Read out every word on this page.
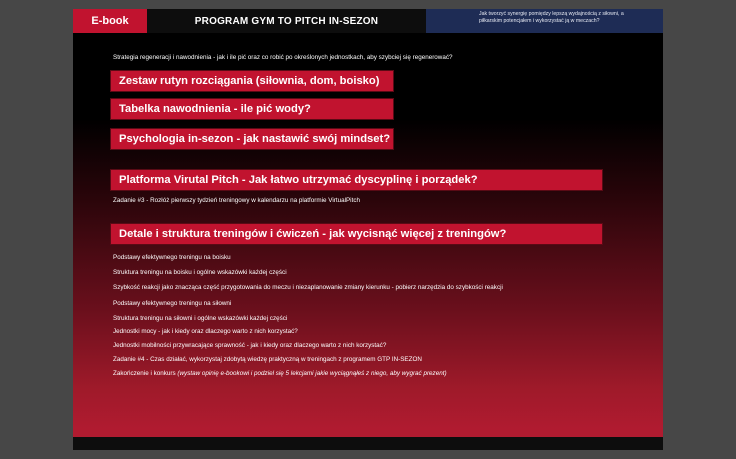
E-book	PROGRAM GYM TO PITCH IN-SEZON
Jak tworzyć synergię pomiędzy lepszą wydajnością z siłowni, a
piłkarskim potencjałem i wykorzystać ją w meczach?
Strategia regeneracji i nawodnienia - jak i ile pić oraz co robić po określonych jednostkach, aby szybciej się regenerować?
Zestaw rutyn rozciągania (siłownia, dom, boisko)
Tabelka nawodnienia - ile pić wody?
Psychologia in-sezon - jak nastawić swój mindset?
Platforma Virutal Pitch - Jak łatwo utrzymać dyscyplinę i porządek?
Zadanie #3 - Rozłóż pierwszy tydzień treningowy w kalendarzu na platformie VirtualPitch
Detale i struktura treningów i ćwiczeń - jak wycisnąć więcej z treningów?
Podstawy efektywnego treningu na boisku
Struktura treningu na boisku i ogólne wskazówki każdej części
Szybkość reakcji jako znacząca część przygotowania do meczu i niezaplanowanie zmiany kierunku - pobierz narzędzia do szybkości reakcji
Podstawy efektywnego treningu na siłowni
Struktura treningu na siłowni i ogólne wskazówki każdej części
Jednostki mocy - jak i kiedy oraz dlaczego warto z nich korzystać?
Jednostki mobilności przywracające sprawność - jak i kiedy oraz dlaczego warto z nich korzystać?
Zadanie #4 - Czas działać, wykorzystaj zdobytą wiedzę praktyczną w treningach z programem GTP IN-SEZON
Zakończenie i konkurs (wystaw opinię e-bookowi i podziel się 5 lekcjami jakie wyciągnąłeś z niego, aby wygrać prezent)
